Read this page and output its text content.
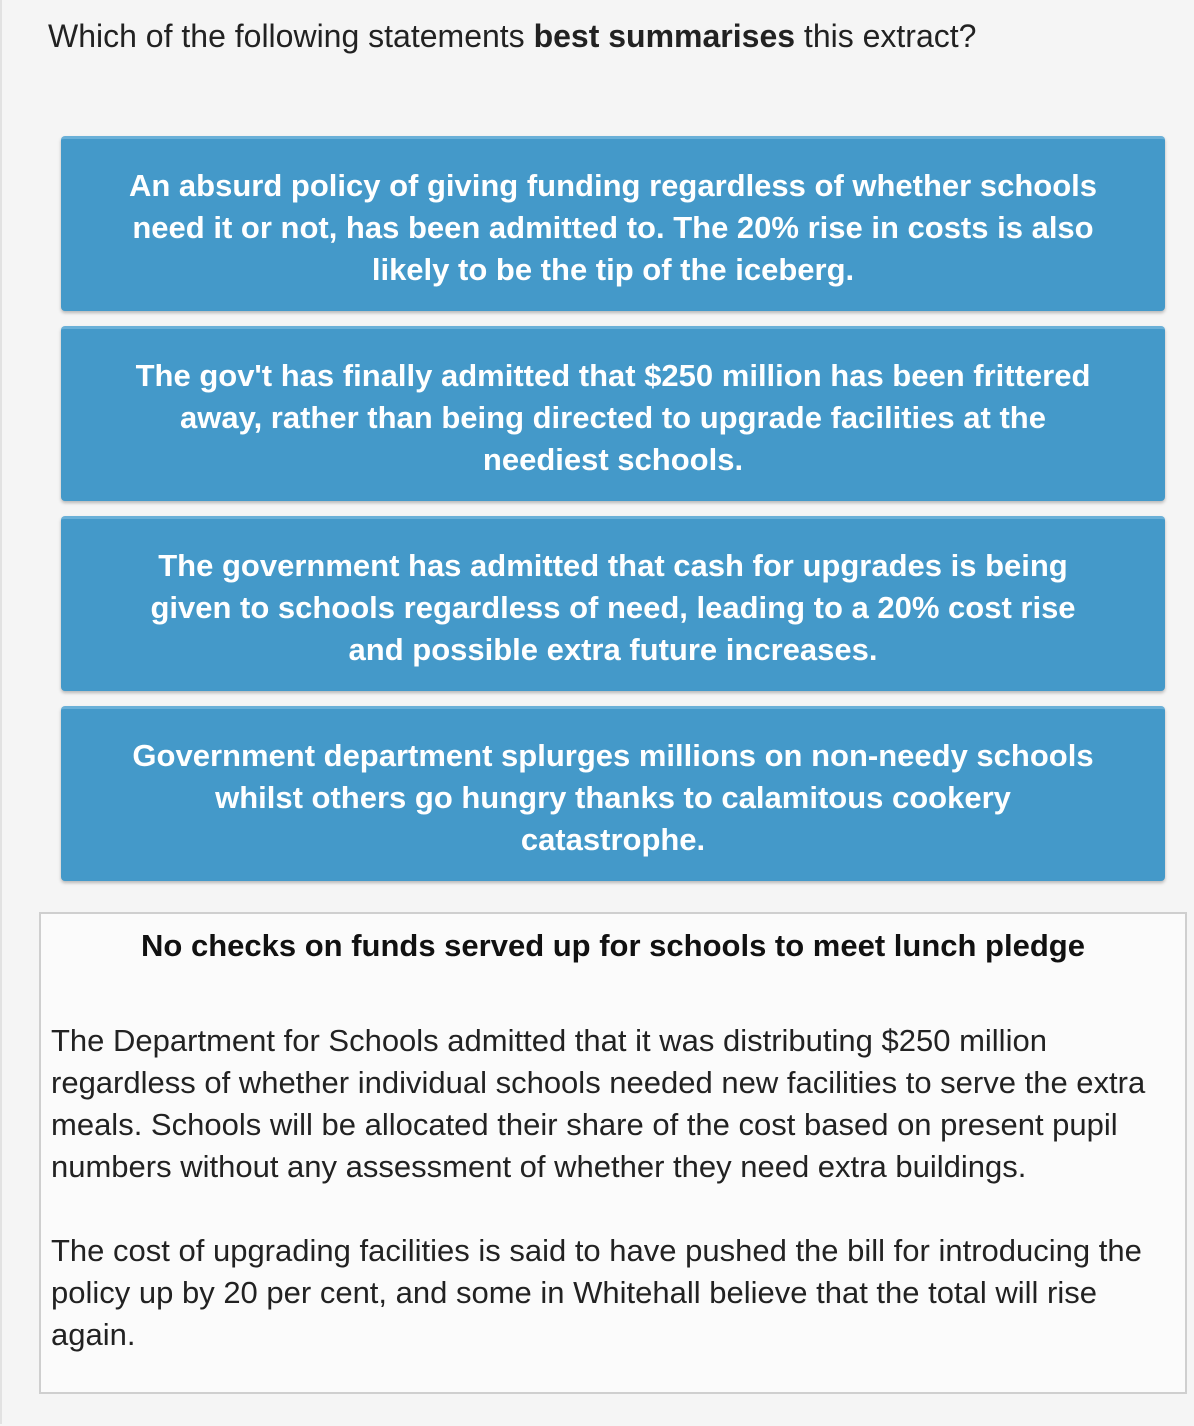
Which of the following statements best summarises this extract?
An absurd policy of giving funding regardless of whether schools need it or not, has been admitted to. The 20% rise in costs is also likely to be the tip of the iceberg.
The gov't has finally admitted that $250 million has been frittered away, rather than being directed to upgrade facilities at the neediest schools.
The government has admitted that cash for upgrades is being given to schools regardless of need, leading to a 20% cost rise and possible extra future increases.
Government department splurges millions on non-needy schools whilst others go hungry thanks to calamitous cookery catastrophe.
No checks on funds served up for schools to meet lunch pledge

The Department for Schools admitted that it was distributing $250 million regardless of whether individual schools needed new facilities to serve the extra meals. Schools will be allocated their share of the cost based on present pupil numbers without any assessment of whether they need extra buildings.

The cost of upgrading facilities is said to have pushed the bill for introducing the policy up by 20 per cent, and some in Whitehall believe that the total will rise again.
